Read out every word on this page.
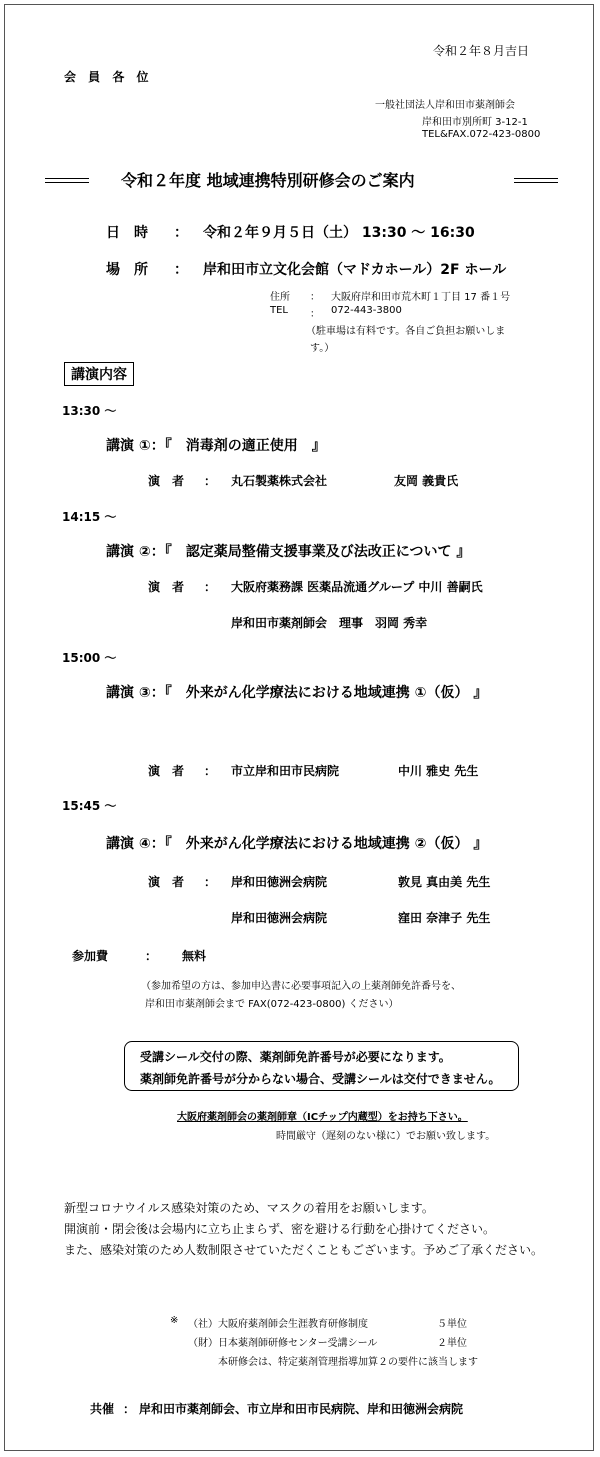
令和２年８月吉日
会 員 各 位
一般社団法人岸和田市薬剤師会
岸和田市別所町 3-12-1
TEL&FAX.072-423-0800
令和２年度 地域連携特別研修会のご案内
日　時 ： 令和２年９月５日（土） 13:30 ～ 16:30
場　所 ： 岸和田市立文化会館（マドカホール）2F ホール
住所 ： 大阪府岸和田市荒木町１丁目 17 番１号
TEL ： 072-443-3800
（駐車場は有料です。各自ご負担お願いしま
す。）
講演内容
13:30 ～
講演 ①：『　消毒剤の適正使用　』
演　者 ： 丸石製薬株式会社	友岡 義貴氏
14:15 ～
講演 ②：『　認定薬局整備支援事業及び法改正について 』
演　者 ： 大阪府薬務課 医薬品流通グループ 中川 善嗣氏
岸和田市薬剤師会　理事　羽岡 秀幸
15:00 ～
講演 ③：『　外来がん化学療法における地域連携 ①（仮） 』
演　者 ： 市立岸和田市民病院	中川 雅史 先生
15:45 ～
講演 ④：『　外来がん化学療法における地域連携 ②（仮） 』
演　者 ： 岸和田徳洲会病院	敦見 真由美 先生
岸和田徳洲会病院	窪田 奈津子 先生
参加費	： 無料
（参加希望の方は、参加申込書に必要事項記入の上薬剤師免許番号を、
岸和田市薬剤師会まで FAX(072-423-0800) ください）
受講シール交付の際、薬剤師免許番号が必要になります。
薬剤師免許番号が分からない場合、受講シールは交付できません。
大阪府薬剤師会の薬剤師章（ICチップ内蔵型）をお持ち下さい。
時間厳守（遅刻のない様に）でお願い致します。
新型コロナウイルス感染対策のため、マスクの着用をお願いします。
開演前・閉会後は会場内に立ち止まらず、密を避ける行動を心掛けてください。
また、感染対策のため人数制限させていただくこともございます。予めご了承ください。
※ （社）大阪府薬剤師会生涯教育研修制度	５単位
（財）日本薬剤師研修センター受講シール	２単位
本研修会は、特定薬剤管理指導加算２の要件に該当します
共催 ： 岸和田市薬剤師会、市立岸和田市民病院、岸和田徳洲会病院
